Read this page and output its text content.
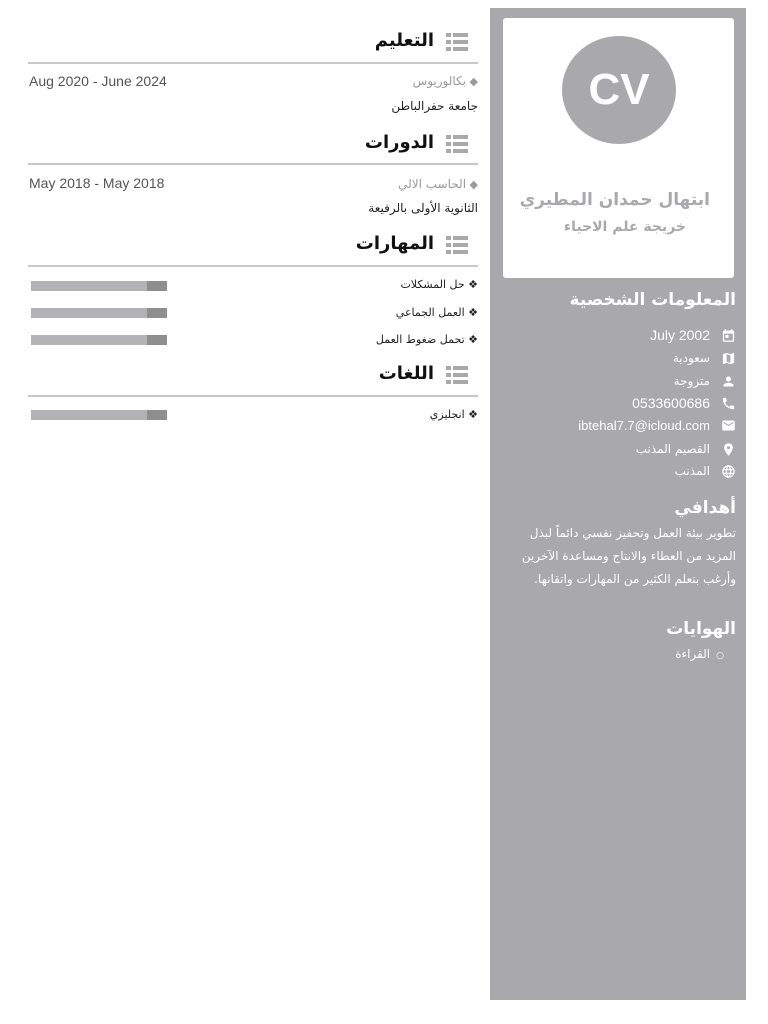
CV
ابتهال حمدان المطيري
خريجة علم الاحياء
المعلومات الشخصية
July 2002
سعودية
متزوجة
0533600686
ibtehal7.7@icloud.com
القصيم المذنب
المذنب
أهدافي
تطوير بيئة العمل وتحفيز نفسي دائماً لبذل المزيد من العطاء والانتاج ومساعدة الآخرين وأرغب بتعلم الكثير من المهارات واتقانها.
الهوايات
○القراءة
التعليم
◆ بكالوريوس
Aug 2020 - June 2024
جامعة حفرالباطن
الدورات
◆ الحاسب الالي
May 2018 - May 2018
الثانوية الأولى بالرفيعة
المهارات
❖ حل المشكلات
❖ العمل الجماعي
❖ تحمل ضغوط العمل
اللغات
❖ انجليزي
